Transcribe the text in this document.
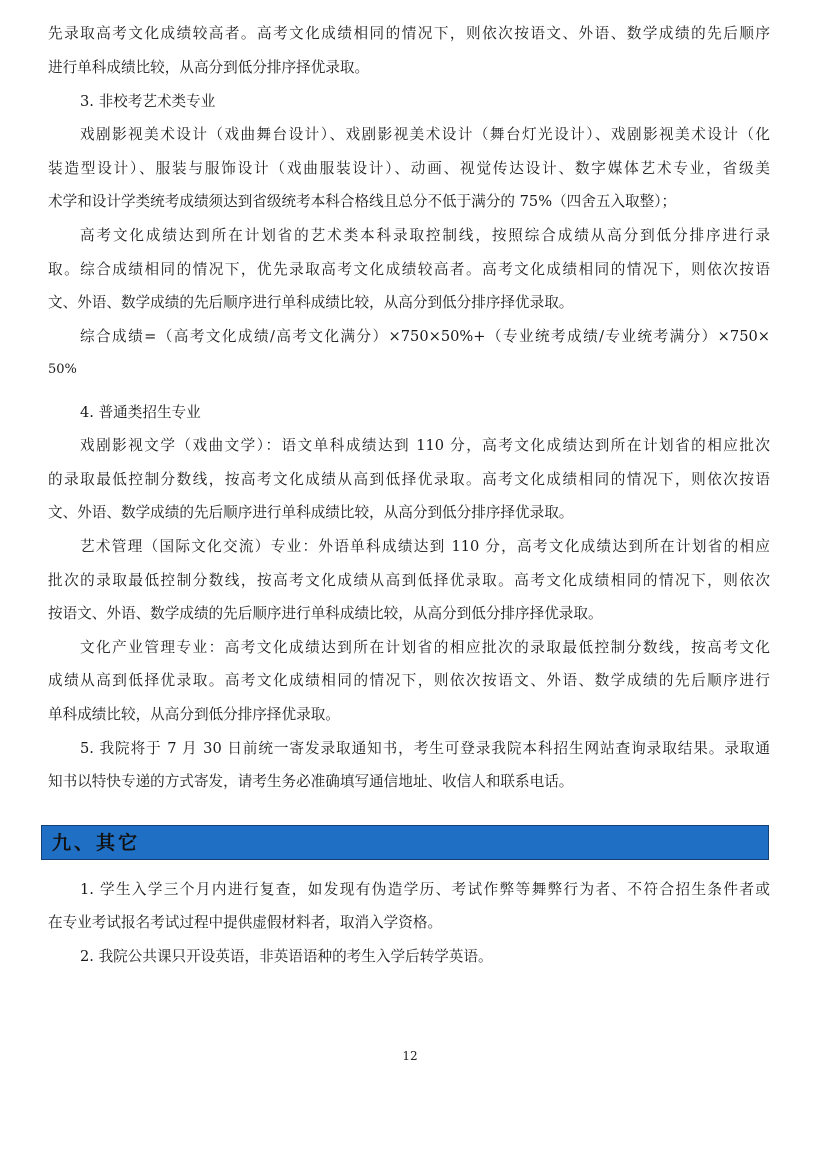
先录取高考文化成绩较高者。高考文化成绩相同的情况下，则依次按语文、外语、数学成绩的先后顺序
进行单科成绩比较，从高分到低分排序择优录取。
3. 非校考艺术类专业
戏剧影视美术设计（戏曲舞台设计）、戏剧影视美术设计（舞台灯光设计）、戏剧影视美术设计（化
装造型设计）、服装与服饰设计（戏曲服装设计）、动画、视觉传达设计、数字媒体艺术专业，省级美
术学和设计学类统考成绩须达到省级统考本科合格线且总分不低于满分的 75%（四舍五入取整）；
高考文化成绩达到所在计划省的艺术类本科录取控制线，按照综合成绩从高分到低分排序进行录
取。综合成绩相同的情况下，优先录取高考文化成绩较高者。高考文化成绩相同的情况下，则依次按语
文、外语、数学成绩的先后顺序进行单科成绩比较，从高分到低分排序择优录取。
综合成绩=（高考文化成绩/高考文化满分）×750×50%+（专业统考成绩/专业统考满分）×750×
50%
4. 普通类招生专业
戏剧影视文学（戏曲文学）：语文单科成绩达到 110 分，高考文化成绩达到所在计划省的相应批次
的录取最低控制分数线，按高考文化成绩从高到低择优录取。高考文化成绩相同的情况下，则依次按语
文、外语、数学成绩的先后顺序进行单科成绩比较，从高分到低分排序择优录取。
艺术管理（国际文化交流）专业：外语单科成绩达到 110 分，高考文化成绩达到所在计划省的相应
批次的录取最低控制分数线，按高考文化成绩从高到低择优录取。高考文化成绩相同的情况下，则依次
按语文、外语、数学成绩的先后顺序进行单科成绩比较，从高分到低分排序择优录取。
文化产业管理专业：高考文化成绩达到所在计划省的相应批次的录取最低控制分数线，按高考文化
成绩从高到低择优录取。高考文化成绩相同的情况下，则依次按语文、外语、数学成绩的先后顺序进行
单科成绩比较，从高分到低分排序择优录取。
5. 我院将于 7 月 30 日前统一寄发录取通知书，考生可登录我院本科招生网站查询录取结果。录取通
知书以特快专递的方式寄发，请考生务必准确填写通信地址、收信人和联系电话。
九、其它
1. 学生入学三个月内进行复查，如发现有伪造学历、考试作弊等舞弊行为者、不符合招生条件者或
在专业考试报名考试过程中提供虚假材料者，取消入学资格。
2. 我院公共课只开设英语，非英语语种的考生入学后转学英语。
12
